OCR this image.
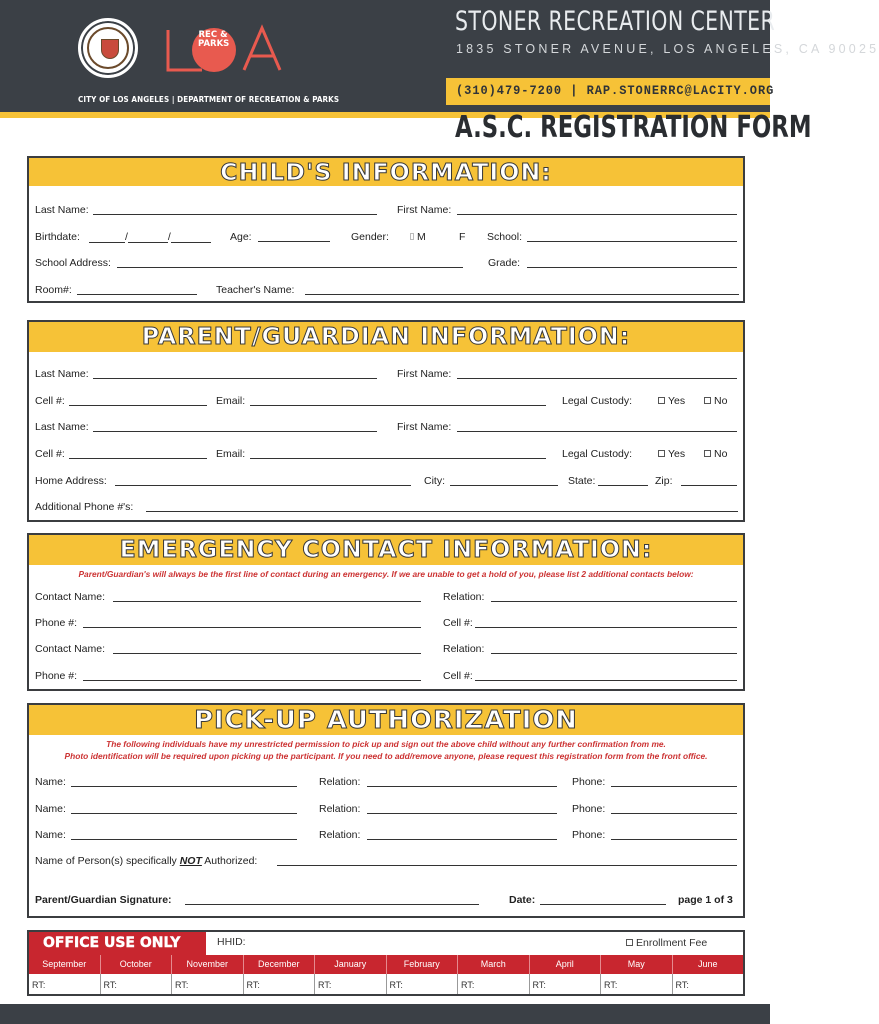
REC &
PARKS
CITY OF LOS ANGELES | DEPARTMENT OF RECREATION & PARKS
STONER RECREATION CENTER
1835 STONER AVENUE, LOS ANGELES, CA 90025
(310)479-7200 | RAP.STONERRC@LACITY.ORG
A.S.C. REGISTRATION FORM
CHILD'S INFORMATION:
Last Name:	First Name:
Birthdate:	/	/	Age:	Gender:	M	F School:
School Address:	Grade:
Room#:	Teacher's Name:
PARENT/GUARDIAN INFORMATION:
Last Name:	First Name:
Cell #:	Email:	Legal Custody:	Yes	No
Last Name:	First Name:
Cell #:	Email:	Legal Custody:	Yes	No
Home Address:	City:	State:	Zip:
Additional Phone #'s:
EMERGENCY CONTACT INFORMATION:
Parent/Guardian's will always be the first line of contact during an emergency. If we are unable to get a hold of you, please list 2 additional contacts below:
Contact Name:	Relation:
Phone #:	Cell #:
Contact Name:	Relation:
Phone #:	Cell #:
PICK-UP AUTHORIZATION
The following individuals have my unrestricted permission to pick up and sign out the above child without any further confirmation from me.
Photo identification will be required upon picking up the participant. If you need to add/remove anyone, please request this registration form from the front office.
Name:	Relation:	Phone:
Name:	Relation:	Phone:
Name:	Relation:	Phone:
Name of Person(s) specifically NOT Authorized:
Parent/Guardian Signature:	Date:	page 1 of 3
OFFICE USE ONLY	HHID:	Enrollment Fee
September	October	November	December	January	February	March	April	May	June
RT:	RT:	RT:	RT:	RT:	RT:	RT:	RT:	RT:	RT:
